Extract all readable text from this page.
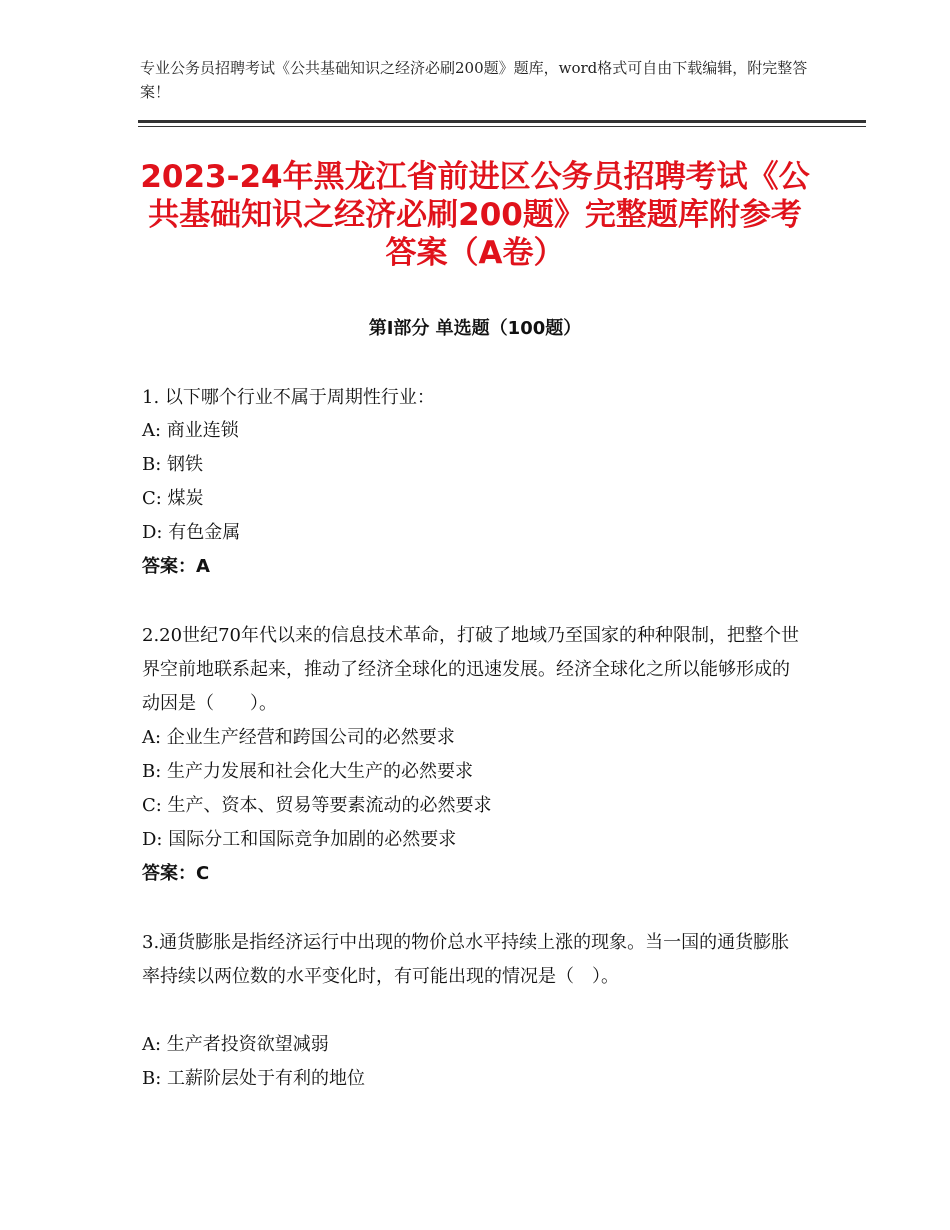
专业公务员招聘考试《公共基础知识之经济必刷200题》题库，word格式可自由下载编辑，附完整答案！
2023-24年黑龙江省前进区公务员招聘考试《公共基础知识之经济必刷200题》完整题库附参考答案（A卷）
第Ⅰ部分 单选题（100题）
1. 以下哪个行业不属于周期性行业：
A: 商业连锁
B: 钢铁
C: 煤炭
D: 有色金属
答案：A
2.20世纪70年代以来的信息技术革命，打破了地域乃至国家的种种限制，把整个世界空前地联系起来，推动了经济全球化的迅速发展。经济全球化之所以能够形成的动因是（　　）。
A: 企业生产经营和跨国公司的必然要求
B: 生产力发展和社会化大生产的必然要求
C: 生产、资本、贸易等要素流动的必然要求
D: 国际分工和国际竞争加剧的必然要求
答案：C
3.通货膨胀是指经济运行中出现的物价总水平持续上涨的现象。当一国的通货膨胀率持续以两位数的水平变化时，有可能出现的情况是（　）。
A: 生产者投资欲望减弱
B: 工薪阶层处于有利的地位
